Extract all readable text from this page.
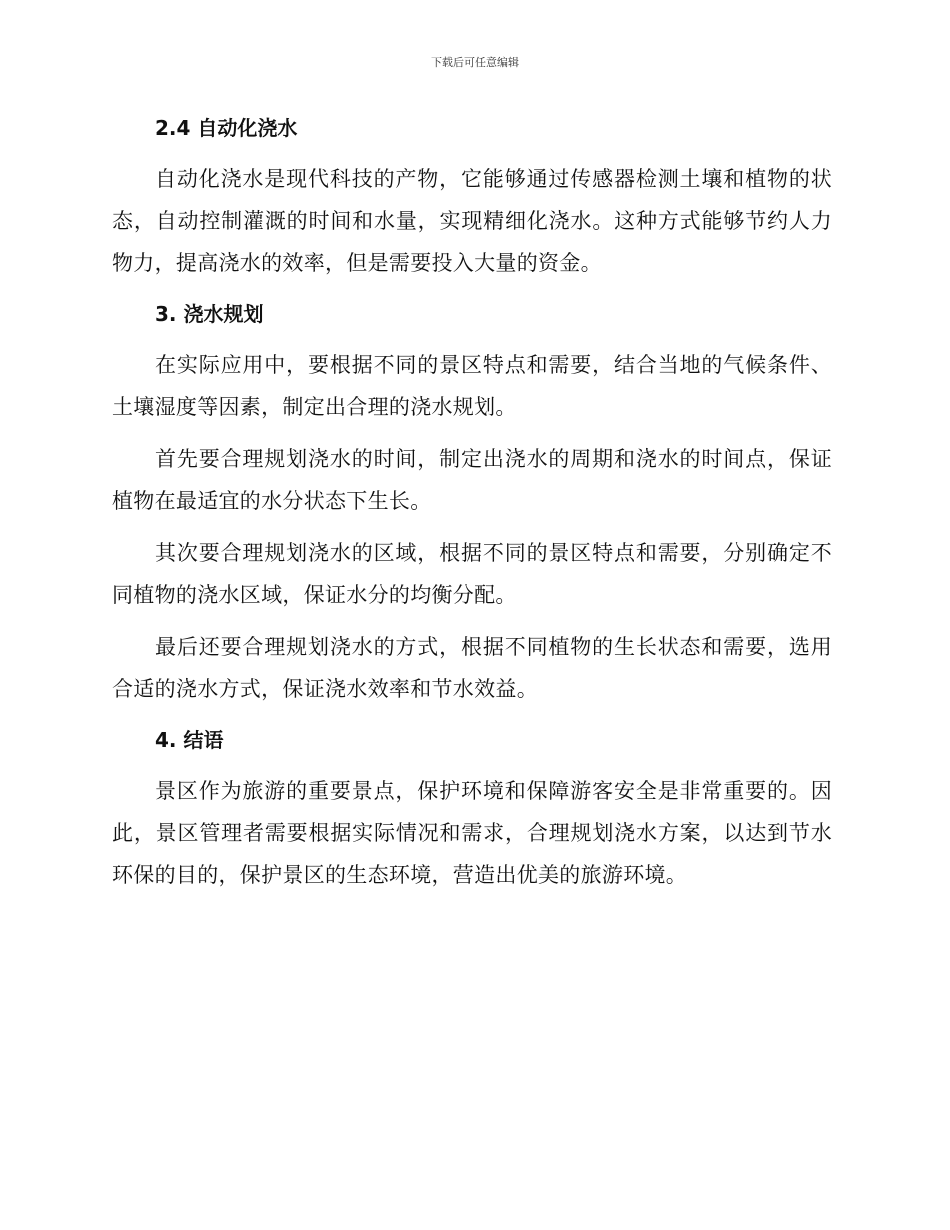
下载后可任意编辑
2.4 自动化浇水

自动化浇水是现代科技的产物，它能够通过传感器检测土壤和植物的状态，自动控制灌溉的时间和水量，实现精细化浇水。这种方式能够节约人力物力，提高浇水的效率，但是需要投入大量的资金。

3. 浇水规划

在实际应用中，要根据不同的景区特点和需要，结合当地的气候条件、土壤湿度等因素，制定出合理的浇水规划。

首先要合理规划浇水的时间，制定出浇水的周期和浇水的时间点，保证植物在最适宜的水分状态下生长。

其次要合理规划浇水的区域，根据不同的景区特点和需要，分别确定不同植物的浇水区域，保证水分的均衡分配。

最后还要合理规划浇水的方式，根据不同植物的生长状态和需要，选用合适的浇水方式，保证浇水效率和节水效益。

4. 结语

景区作为旅游的重要景点，保护环境和保障游客安全是非常重要的。因此，景区管理者需要根据实际情况和需求，合理规划浇水方案，以达到节水环保的目的，保护景区的生态环境，营造出优美的旅游环境。
